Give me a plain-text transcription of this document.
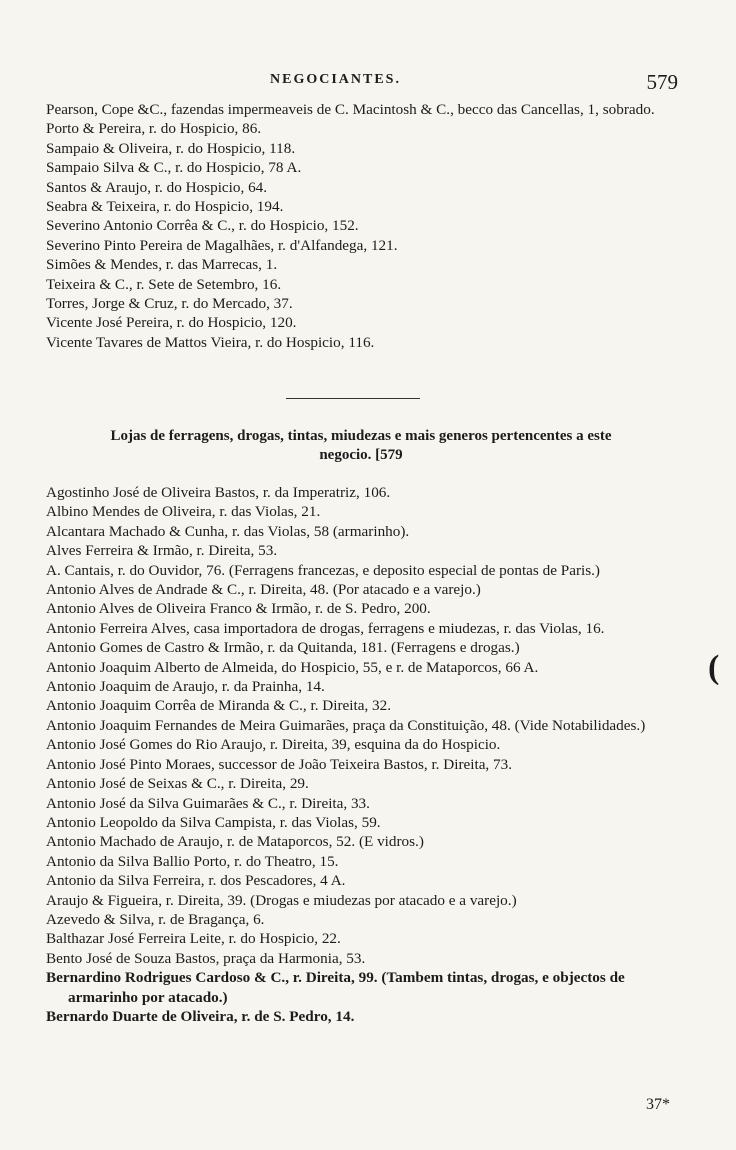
NEGOCIANTES.	579

Pearson, Cope &C., fazendas impermeaveis de C. Macintosh & C., becco das Cancellas, 1, sobrado.

Porto & Pereira, r. do Hospicio, 86.

Sampaio & Oliveira, r. do Hospicio, 118.

Sampaio Silva & C., r. do Hospicio, 78 A.

Santos & Araujo, r. do Hospicio, 64.

Seabra & Teixeira, r. do Hospicio, 194.

Severino Antonio Corrêa & C., r. do Hospicio, 152.

Severino Pinto Pereira de Magalhães, r. d'Alfandega, 121.

Simões & Mendes, r. das Marrecas, 1.

Teixeira & C., r. Sete de Setembro, 16.

Torres, Jorge & Cruz, r. do Mercado, 37.

Vicente José Pereira, r. do Hospicio, 120.

Vicente Tavares de Mattos Vieira, r. do Hospicio, 116.

Lojas de ferragens, drogas, tintas, miudezas e mais generos pertencentes a este
negocio. [579

Agostinho José de Oliveira Bastos, r. da Imperatriz, 106.

Albino Mendes de Oliveira, r. das Violas, 21.

Alcantara Machado & Cunha, r. das Violas, 58 (armarinho).

Alves Ferreira & Irmão, r. Direita, 53.

A. Cantais, r. do Ouvidor, 76. (Ferragens francezas, e deposito especial de pontas de Paris.)

Antonio Alves de Andrade & C., r. Direita, 48. (Por atacado e a varejo.)

Antonio Alves de Oliveira Franco & Irmão, r. de S. Pedro, 200.

Antonio Ferreira Alves, casa importadora de drogas, ferragens e miudezas, r. das Violas, 16.

Antonio Gomes de Castro & Irmão, r. da Quitanda, 181. (Ferragens e drogas.)

Antonio Joaquim Alberto de Almeida, do Hospicio, 55, e r. de Mataporcos, 66 A.

Antonio Joaquim de Araujo, r. da Prainha, 14.

Antonio Joaquim Corrêa de Miranda & C., r. Direita, 32.

Antonio Joaquim Fernandes de Meira Guimarães, praça da Constituição, 48. (Vide Notabilidades.)

Antonio José Gomes do Rio Araujo, r. Direita, 39, esquina da do Hospicio.

Antonio José Pinto Moraes, successor de João Teixeira Bastos, r. Direita, 73.

Antonio José de Seixas & C., r. Direita, 29.

Antonio José da Silva Guimarães & C., r. Direita, 33.

Antonio Leopoldo da Silva Campista, r. das Violas, 59.

Antonio Machado de Araujo, r. de Mataporcos, 52. (E vidros.)

Antonio da Silva Ballio Porto, r. do Theatro, 15.

Antonio da Silva Ferreira, r. dos Pescadores, 4 A.

Araujo & Figueira, r. Direita, 39. (Drogas e miudezas por atacado e a varejo.)

Azevedo & Silva, r. de Bragança, 6.

Balthazar José Ferreira Leite, r. do Hospicio, 22.

Bento José de Souza Bastos, praça da Harmonia, 53.

Bernardino Rodrigues Cardoso & C., r. Direita, 99. (Tambem tintas, drogas, e objectos de armarinho por atacado.)

Bernardo Duarte de Oliveira, r. de S. Pedro, 14.

(
37*
